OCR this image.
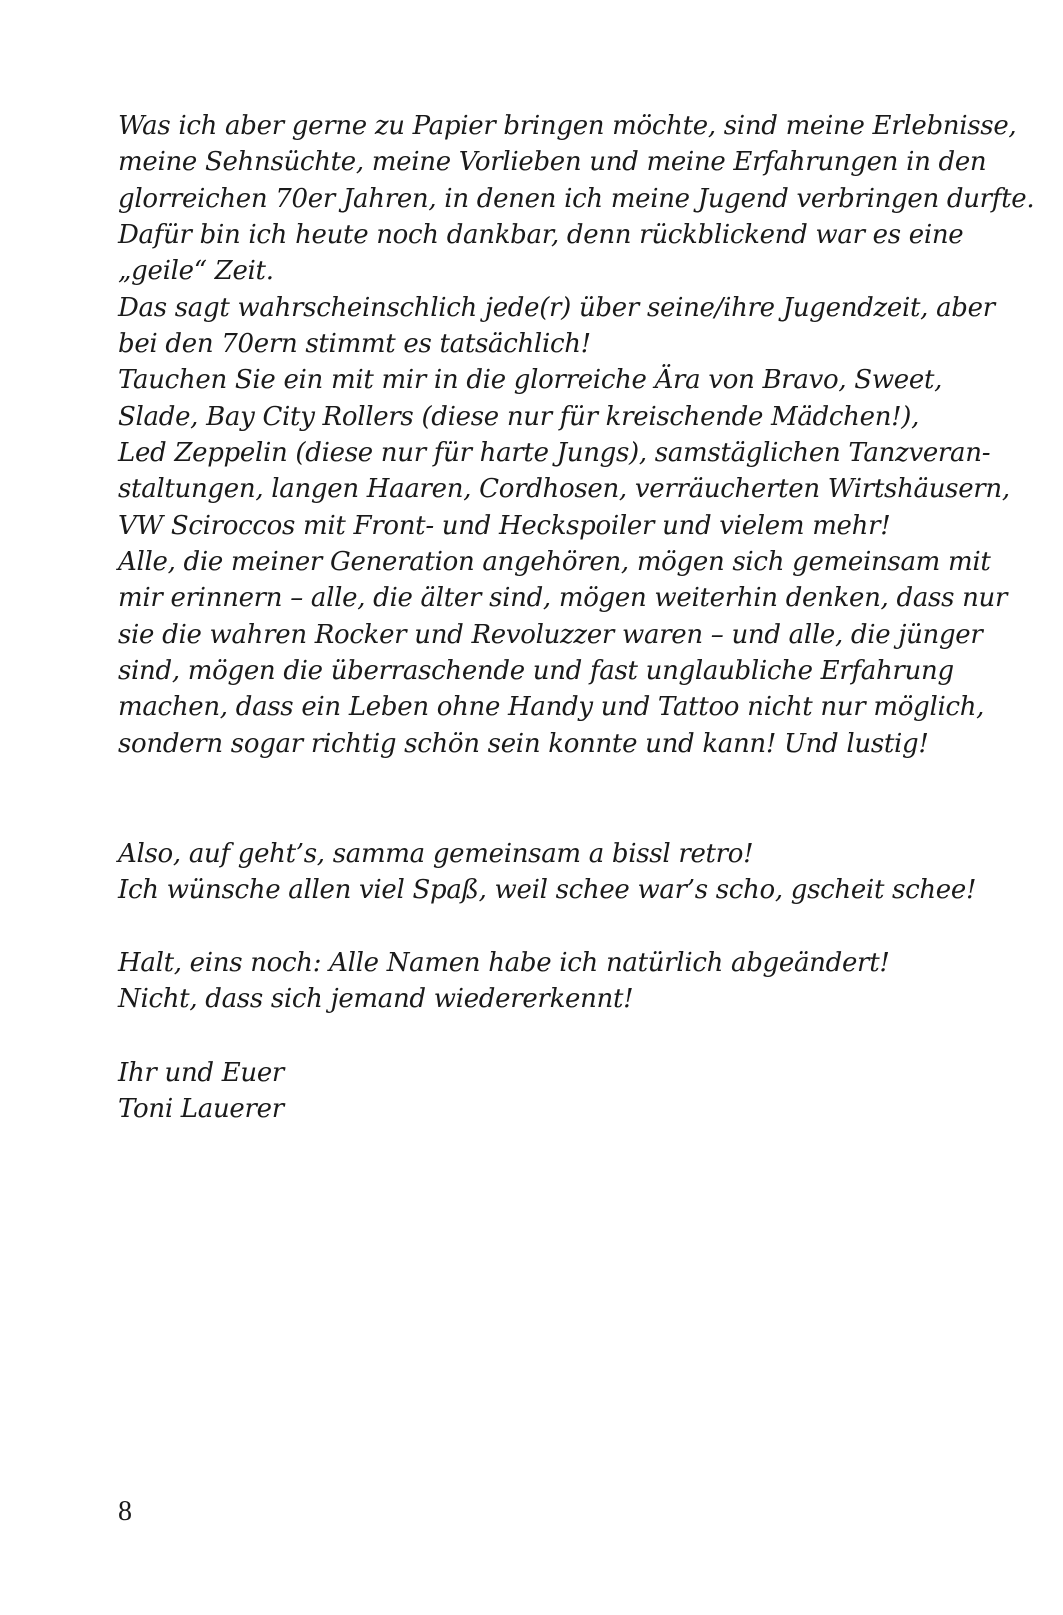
Was ich aber gerne zu Papier bringen möchte, sind meine Erlebnisse,
meine Sehnsüchte, meine Vorlieben und meine Erfahrungen in den
glorreichen 70er Jahren, in denen ich meine Jugend verbringen durfte.
Dafür bin ich heute noch dankbar, denn rückblickend war es eine
„geile“ Zeit.
Das sagt wahrscheinschlich jede(r) über seine/ihre Jugendzeit, aber
bei den 70ern stimmt es tatsächlich!
Tauchen Sie ein mit mir in die glorreiche Ära von Bravo, Sweet,
Slade, Bay City Rollers (diese nur für kreischende Mädchen!),
Led Zeppelin (diese nur für harte Jungs), samstäglichen Tanzveran-
staltungen, langen Haaren, Cordhosen, verräucherten Wirtshäusern,
VW Sciroccos mit Front- und Heckspoiler und vielem mehr!
Alle, die meiner Generation angehören, mögen sich gemeinsam mit
mir erinnern – alle, die älter sind, mögen weiterhin denken, dass nur
sie die wahren Rocker und Revoluzzer waren – und alle, die jünger
sind, mögen die überraschende und fast unglaubliche Erfahrung
machen, dass ein Leben ohne Handy und Tattoo nicht nur möglich,
sondern sogar richtig schön sein konnte und kann! Und lustig!
Also, auf geht’s, samma gemeinsam a bissl retro!
Ich wünsche allen viel Spaß, weil schee war’s scho, gscheit schee!
Halt, eins noch: Alle Namen habe ich natürlich abgeändert!
Nicht, dass sich jemand wiedererkennt!
Ihr und Euer
Toni Lauerer
8
